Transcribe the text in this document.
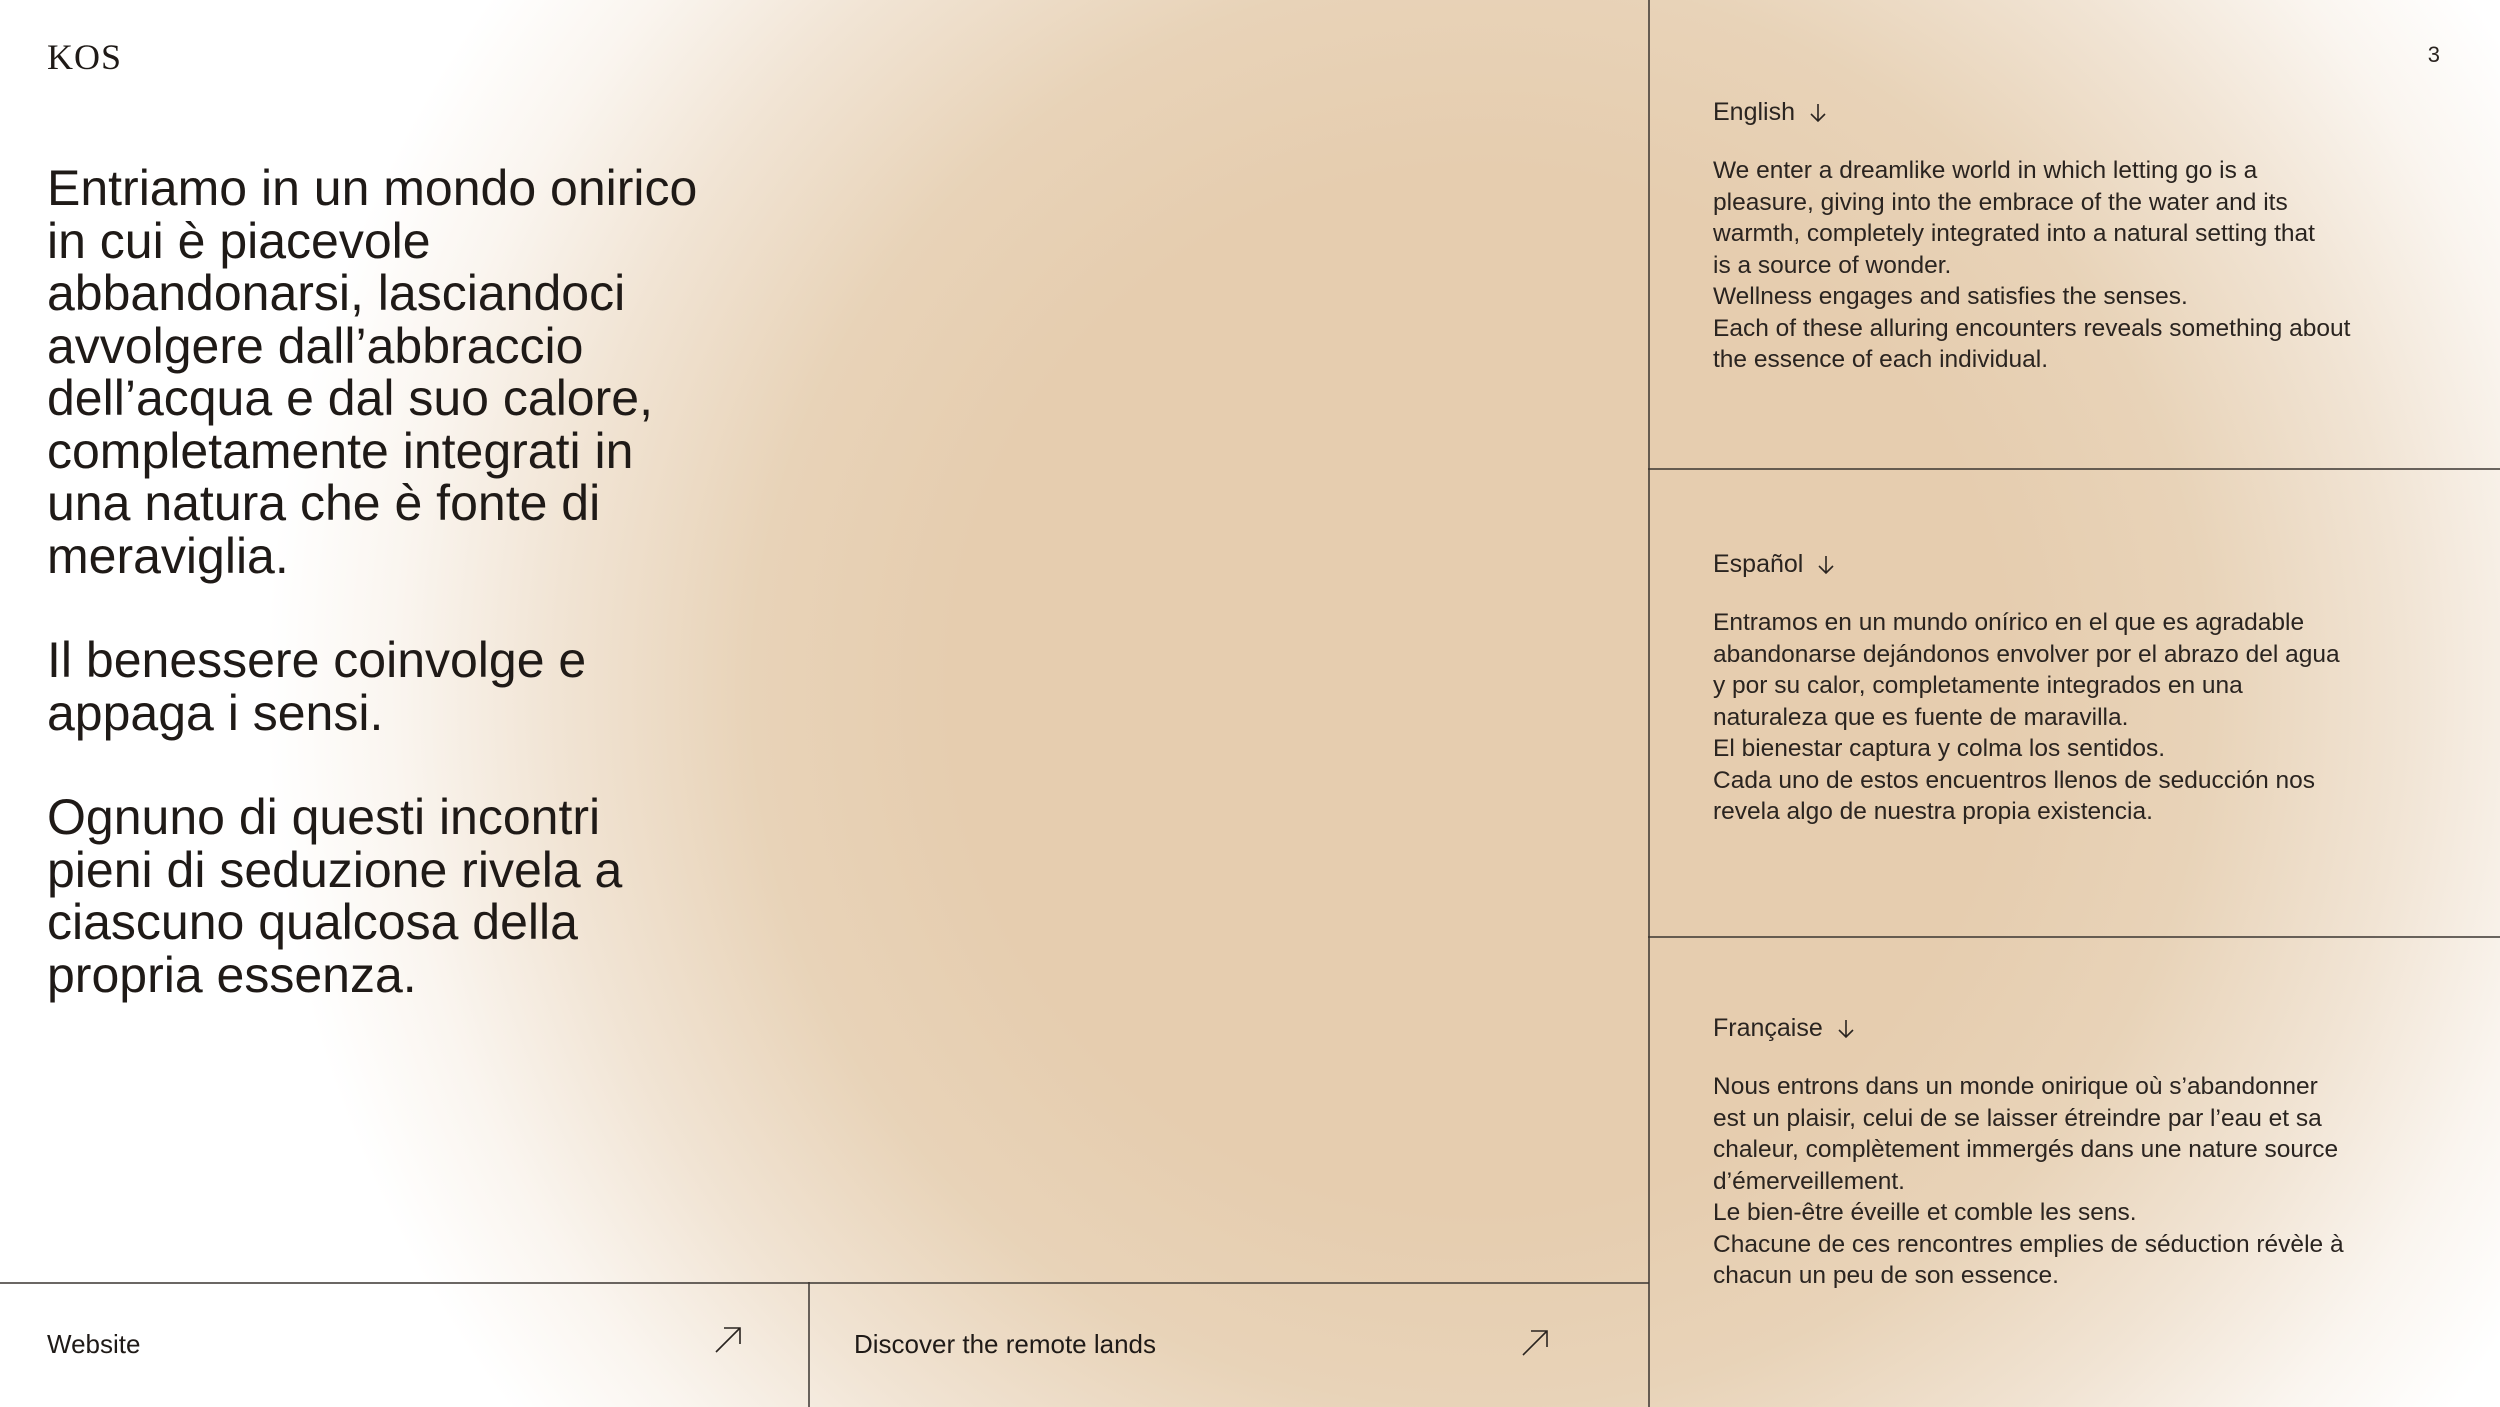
KOS	3

Entriamo in un mondo onirico in cui è piacevole abbandonarsi, lasciandoci avvolgere dall’abbraccio dell’acqua e dal suo calore, completamente integrati in una natura che è fonte di meraviglia.

Il benessere coinvolge e appaga i sensi.

Ognuno di questi incontri pieni di seduzione rivela a ciascuno qualcosa della propria essenza.

English
We enter a dreamlike world in which letting go is a
pleasure, giving into the embrace of the water and its
warmth, completely integrated into a natural setting that
is a source of wonder.
Wellness engages and satisfies the senses.
Each of these alluring encounters reveals something about
the essence of each individual.
Español
Entramos en un mundo onírico en el que es agradable
abandonarse dejándonos envolver por el abrazo del agua
y por su calor, completamente integrados en una
naturaleza que es fuente de maravilla.
El bienestar captura y colma los sentidos.
Cada uno de estos encuentros llenos de seducción nos
revela algo de nuestra propia existencia.
Française
Nous entrons dans un monde onirique où s’abandonner
est un plaisir, celui de se laisser étreindre par l’eau et sa
chaleur, complètement immergés dans une nature source
d’émerveillement.
Le bien-être éveille et comble les sens.
Chacune de ces rencontres emplies de séduction révèle à
chacun un peu de son essence.
Website	Discover the remote lands
